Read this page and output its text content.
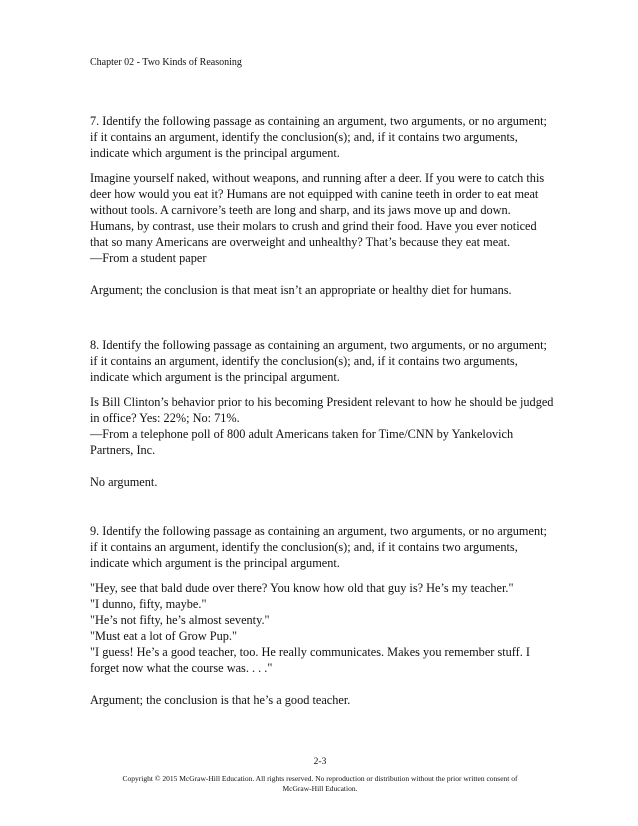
Chapter 02 - Two Kinds of Reasoning

7. Identify the following passage as containing an argument, two arguments, or no argument;

if it contains an argument, identify the conclusion(s); and, if it contains two arguments,

indicate which argument is the principal argument.

Imagine yourself naked, without weapons, and running after a deer. If you were to catch this

deer how would you eat it? Humans are not equipped with canine teeth in order to eat meat

without tools. A carnivore’s teeth are long and sharp, and its jaws move up and down.

Humans, by contrast, use their molars to crush and grind their food. Have you ever noticed

that so many Americans are overweight and unhealthy? That’s because they eat meat.

—From a student paper

Argument; the conclusion is that meat isn’t an appropriate or healthy diet for humans.

8. Identify the following passage as containing an argument, two arguments, or no argument;

if it contains an argument, identify the conclusion(s); and, if it contains two arguments,

indicate which argument is the principal argument.

Is Bill Clinton’s behavior prior to his becoming President relevant to how he should be judged

in office? Yes: 22%; No: 71%.

—From a telephone poll of 800 adult Americans taken for Time/CNN by Yankelovich

Partners, Inc.

No argument.

9. Identify the following passage as containing an argument, two arguments, or no argument;

if it contains an argument, identify the conclusion(s); and, if it contains two arguments,

indicate which argument is the principal argument.

"Hey, see that bald dude over there? You know how old that guy is? He’s my teacher."

"I dunno, fifty, maybe."

"He’s not fifty, he’s almost seventy."

"Must eat a lot of Grow Pup."

"I guess! He’s a good teacher, too. He really communicates. Makes you remember stuff. I

forget now what the course was. . . ."

Argument; the conclusion is that he’s a good teacher.

2-3
Copyright © 2015 McGraw-Hill Education. All rights reserved. No reproduction or distribution without the prior written consent of
McGraw-Hill Education.
